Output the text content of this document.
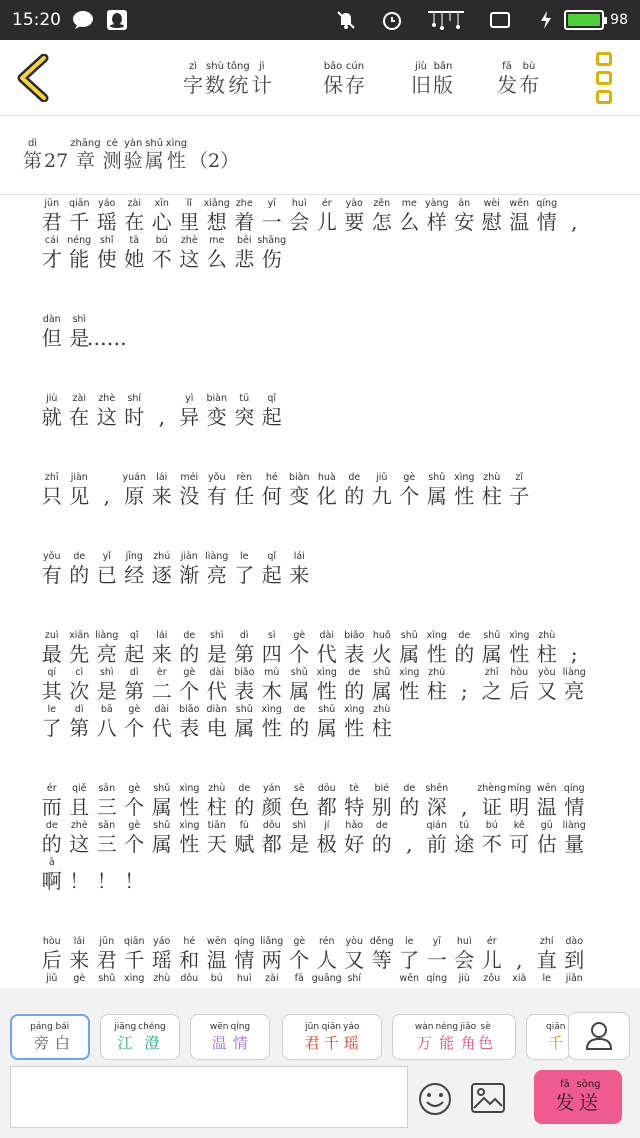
15:20	98
zì
字
shù
数
tǒng
统
jì
计
bǎo
保
cún
存
jiù
旧
bǎn
版
fā
发
bù
布
dì
第 27
zhāng
章
cè
测
yàn
验
shǔ
属
xìng
性 （2）
jūn
君
qiān
千
yáo
瑶
zài
在
xīn
心
lǐ
里
xiǎng
想
zhe
着
yī
一
huì
会
ér
儿
yào
要
zěn
怎
me
么
yàng
样
ān
安
wèi
慰
wēn
温
qíng
情 ,
cái
才
néng
能
shǐ
使
tā
她
bú
不
zhè
这
me
么
bēi
悲
shāng
伤
dàn
但
shì
是
……
jiù
就
zài
在
zhè
这
shí
时 ,
yì
异
biàn
变
tū
突
qǐ
起
zhī
只
jiàn
见 ,
yuán
原
lái
来
méi
没
yǒu
有
rèn
任
hé
何
biàn
变
huà
化
de
的
jiǔ
九
gè
个
shǔ
属
xìng
性
zhù
柱
zǐ
子
yǒu
有
de
的
yǐ
已
jīng
经
zhú
逐
jiàn
渐
liàng
亮
le
了
qǐ
起
lái
来
zuì
最
xiān
先
liàng
亮
qǐ
起
lái
来
de
的
shì
是
dì
第
sì
四
gè
个
dài
代
biǎo
表
huǒ
火
shǔ
属
xìng
性
de
的
shǔ
属
xìng
性
zhù
柱 ;
qí
其
cì
次
shì
是
dì
第
èr
二
gè
个
dài
代
biǎo
表
mù
木
shǔ
属
xìng
性
de
的
shǔ
属
xìng
性
zhù
柱 ;
zhī
之
hòu
后
yòu
又
liàng
亮
le
了
dì
第
bā
八
gè
个
dài
代
biǎo
表
diàn
电
shǔ
属
xìng
性
de
的
shǔ
属
xìng
性
zhù
柱
ér
而
qiě
且
sān
三
gè
个
shǔ
属
xìng
性
zhù
柱
de
的
yán
颜
sè
色
dōu
都
tè
特
bié
别
de
的
shēn
深 ,
zhèng
证
míng
明
wēn
温
qíng
情
de
的
zhè
这
sān
三
gè
个
shǔ
属
xìng
性
tiān
天
fù
赋
dōu
都
shì
是
jí
极
hǎo
好
de
的 ,
qián
前
tú
途
bú
不
kě
可
gū
估
liàng
量
ā
啊 ！ ！ ！
hòu
后
lái
来
jūn
君
qiān
千
yáo
瑶
hé
和
wēn
温
qíng
情
liǎng
两
gè
个
rén
人
yòu
又
děng
等
le
了
yī
一
huì
会
ér
儿 ,
zhí
直
dào
到
jiǔ gè shǔ xìng zhù dōu bú huì zài fā guāng shí	wēn qíng jiù zǒu xià le jiǎn
páng
旁
bái
白
jiāng
江
chéng
澄
wēn
温
qíng
情
jūn
君
qiān
千
yáo
瑶
wàn
万
néng
能
jiǎo
角
sè
色
qiān
千
fā
发
sòng
送
